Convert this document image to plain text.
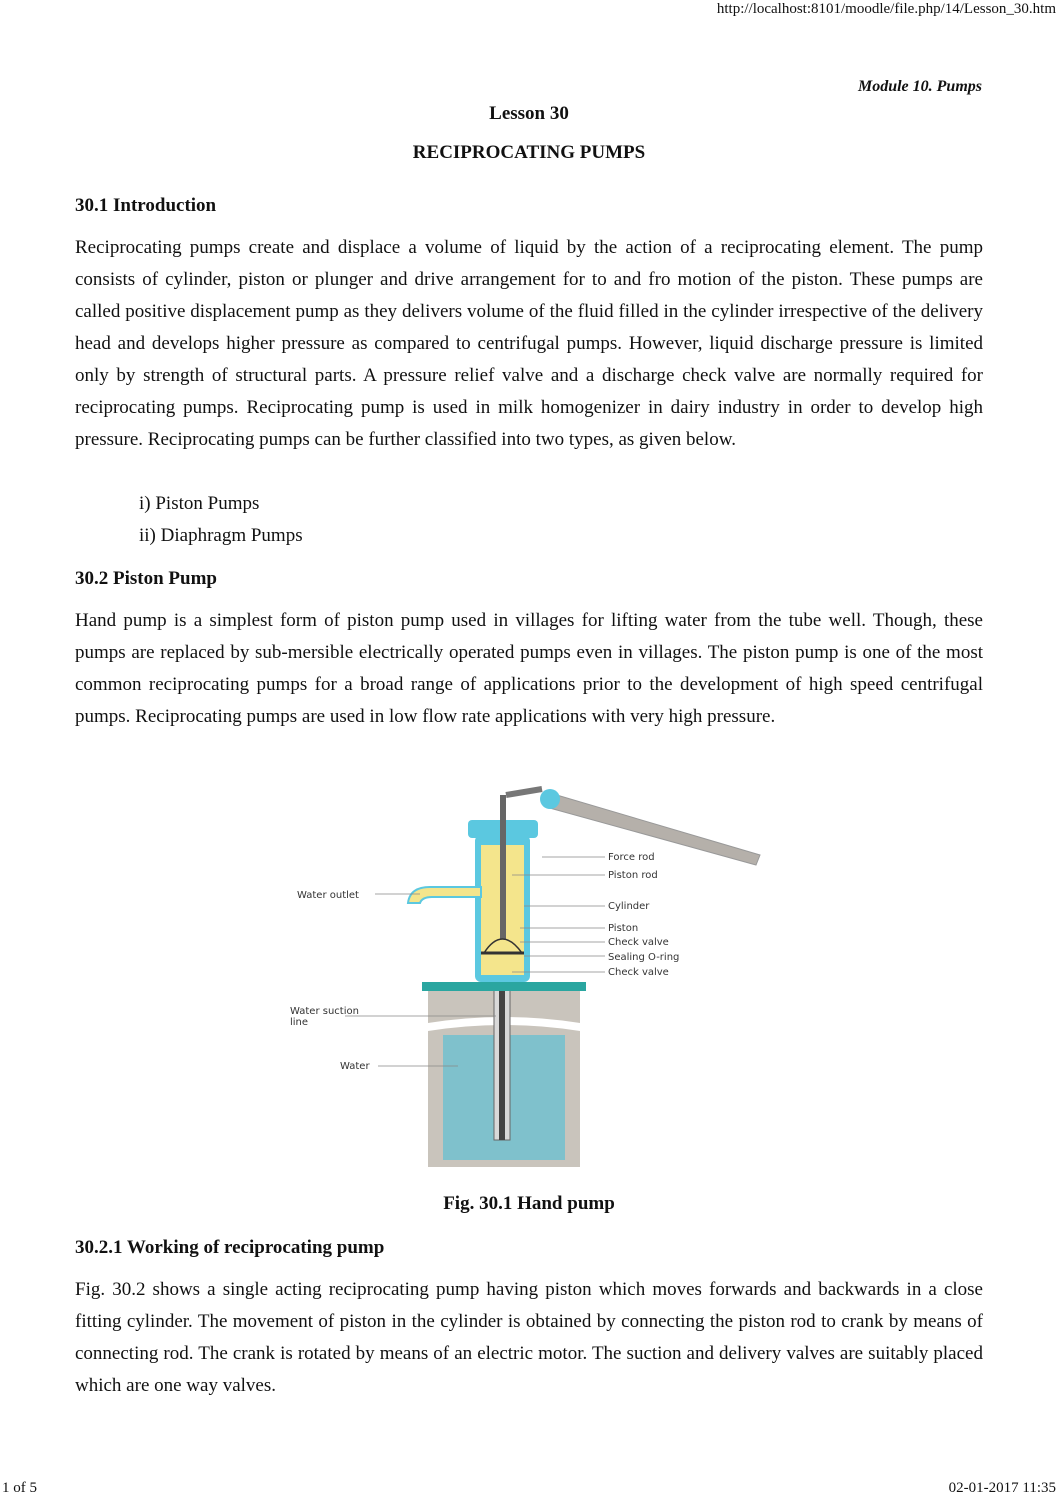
http://localhost:8101/moodle/file.php/14/Lesson_30.htm
Module 10. Pumps
Lesson 30
RECIPROCATING PUMPS
30.1 Introduction

Reciprocating pumps create and displace a volume of liquid by the action of a reciprocating element. The pump consists of cylinder, piston or plunger and drive arrangement for to and fro motion of the piston. These pumps are called positive displacement pump as they delivers volume of the fluid filled in the cylinder irrespective of the delivery head and develops higher pressure as compared to centrifugal pumps. However, liquid discharge pressure is limited only by strength of structural parts. A pressure relief valve and a discharge check valve are normally required for reciprocating pumps. Reciprocating pump is used in milk homogenizer in dairy industry in order to develop high pressure. Reciprocating pumps can be further classified into two types, as given below.

i) Piston Pumps
ii) Diaphragm Pumps
30.2 Piston Pump

Hand pump is a simplest form of piston pump used in villages for lifting water from the tube well. Though, these pumps are replaced by sub-mersible electrically operated pumps even in villages. The piston pump is one of the most common reciprocating pumps for a broad range of applications prior to the development of high speed centrifugal pumps. Reciprocating pumps are used in low flow rate applications with very high pressure.

Force rod
Piston rod
Water outlet
Cylinder
Piston
Check valve
Sealing O-ring
Check valve
Water suction
line
Water
Fig. 30.1 Hand pump
30.2.1 Working of reciprocating pump

Fig. 30.2 shows a single acting reciprocating pump having piston which moves forwards and backwards in a close fitting cylinder. The movement of piston in the cylinder is obtained by connecting the piston rod to crank by means of connecting rod. The crank is rotated by means of an electric motor. The suction and delivery valves are suitably placed which are one way valves.

1 of 5	02-01-2017 11:35
